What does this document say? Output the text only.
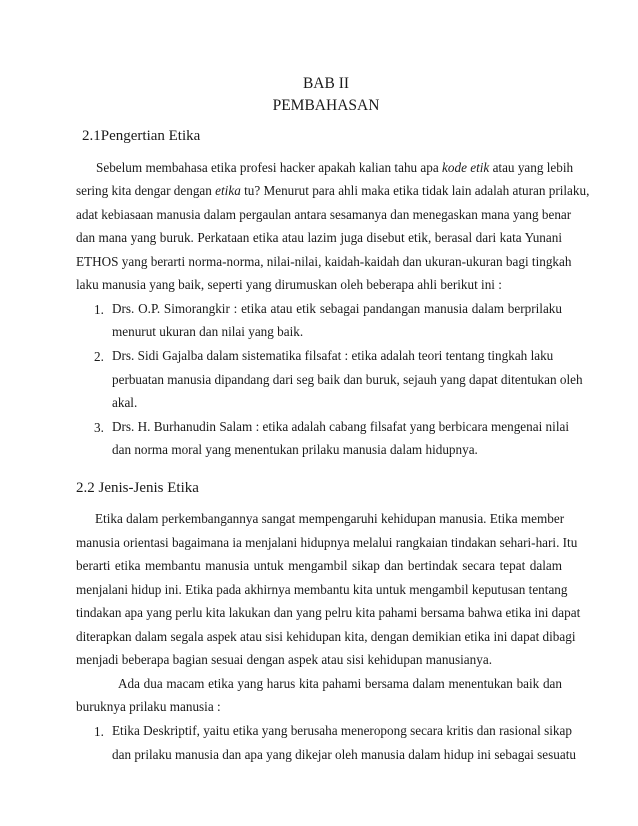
BAB II
PEMBAHASAN
2.1Pengertian Etika
Sebelum membahasa etika profesi hacker apakah kalian tahu apa kode etik atau yang lebih
sering kita dengar dengan etika tu? Menurut para ahli maka etika tidak lain adalah aturan prilaku,
adat kebiasaan manusia dalam pergaulan antara sesamanya dan menegaskan mana yang benar
dan mana yang buruk. Perkataan etika atau lazim juga disebut etik, berasal dari kata Yunani
ETHOS yang berarti norma-norma, nilai-nilai, kaidah-kaidah dan ukuran-ukuran bagi tingkah
laku manusia yang baik, seperti yang dirumuskan oleh beberapa ahli berikut ini :
1. Drs. O.P. Simorangkir : etika atau etik sebagai pandangan manusia dalam berprilaku
menurut ukuran dan nilai yang baik.
2. Drs. Sidi Gajalba dalam sistematika filsafat : etika adalah teori tentang tingkah laku
perbuatan manusia dipandang dari seg baik dan buruk, sejauh yang dapat ditentukan oleh
akal.
3. Drs. H. Burhanudin Salam : etika adalah cabang filsafat yang berbicara mengenai nilai
dan norma moral yang menentukan prilaku manusia dalam hidupnya.
2.2 Jenis-Jenis Etika
Etika dalam perkembangannya sangat mempengaruhi kehidupan manusia. Etika member
manusia orientasi bagaimana ia menjalani hidupnya melalui rangkaian tindakan sehari-hari. Itu
berarti etika membantu manusia untuk mengambil sikap dan bertindak secara tepat dalam
menjalani hidup ini. Etika pada akhirnya membantu kita untuk mengambil keputusan tentang
tindakan apa yang perlu kita lakukan dan yang pelru kita pahami bersama bahwa etika ini dapat
diterapkan dalam segala aspek atau sisi kehidupan kita, dengan demikian etika ini dapat dibagi
menjadi beberapa bagian sesuai dengan aspek atau sisi kehidupan manusianya.
Ada dua macam etika yang harus kita pahami bersama dalam menentukan baik dan
buruknya prilaku manusia :
1. Etika Deskriptif, yaitu etika yang berusaha meneropong secara kritis dan rasional sikap
dan prilaku manusia dan apa yang dikejar oleh manusia dalam hidup ini sebagai sesuatu
